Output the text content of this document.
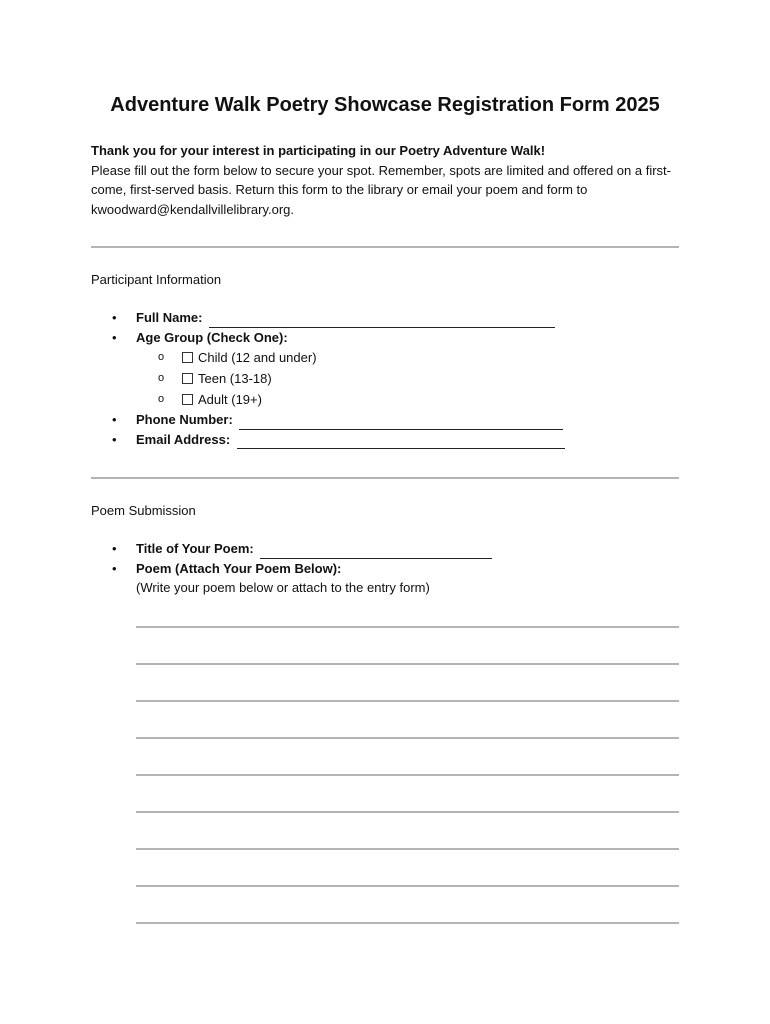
Adventure Walk Poetry Showcase Registration Form 2025
Thank you for your interest in participating in our Poetry Adventure Walk!
Please fill out the form below to secure your spot. Remember, spots are limited and offered on a first-come, first-served basis. Return this form to the library or email your poem and form to kwoodward@kendallvillelibrary.org.
Participant Information
• Full Name:
• Age Group (Check One):
o	Child (12 and under)
o	Teen (13-18)
o	Adult (19+)
• Phone Number:
• Email Address:
Poem Submission
• Title of Your Poem:
• Poem (Attach Your Poem Below):
(Write your poem below or attach to the entry form)
